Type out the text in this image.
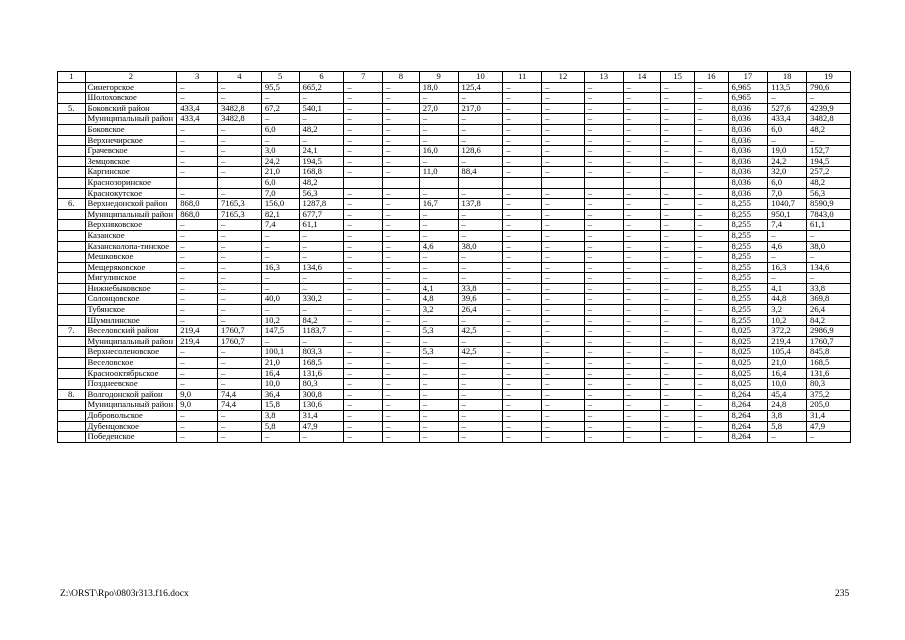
1	2	3	4	5	6	7	8	9	10	11	12	13	14	15	16	17	18	19
	Синегорское	–	–	95,5	665,2	–	–	18,0	125,4	–	–	–	–	–	–	6,965	113,5	790,6
	Шолоховское	–	–	–	–	–	–	–	–	–	–	–	–	–	–	6,965	–	–
5.	Боковский район	433,4	3482,8	67,2	540,1	–	–	27,0	217,0	–	–	–	–	–	–	8,036	527,6	4239,9
	Муниципальный район	433,4	3482,8	–	–	–	–	–	–	–	–	–	–	–	–	8,036	433,4	3482,8
	Боковское	–	–	6,0	48,2	–	–	–	–	–	–	–	–	–	–	8,036	6,0	48,2
	Верхнечирское	–	–	–	–	–	–	–	–	–	–	–	–	–	–	8,036	–	–
	Грачевское	–	–	3,0	24,1	–	–	16,0	128,6	–	–	–	–	–	–	8,036	19,0	152,7
	Земцовское	–	–	24,2	194,5	–	–	–	–	–	–	–	–	–	–	8,036	24,2	194,5
	Каргинское	–	–	21,0	168,8	–	–	11,0	88,4	–	–	–	–	–	–	8,036	32,0	257,2
	Краснозоринское			6,0	48,2											8,036	6,0	48,2
	Краснокутское	–	–	7,0	56,3	–	–	–	–	–	–	–	–	–	–	8,036	7,0	56,3
6.	Верхнедонской район	868,0	7165,3	156,0	1287,8	–	–	16,7	137,8	–	–	–	–	–	–	8,255	1040,7	8590,9
	Муниципальный район	868,0	7165,3	82,1	677,7	–	–	–	–	–	–	–	–	–	–	8,255	950,1	7843,0
	Верхняковское	–	–	7,4	61,1	–	–	–	–	–	–	–	–	–	–	8,255	7,4	61,1
	Казанское	–	–	–	–	–	–	–	–	–	–	–	–	–	–	8,255	–	–
	Казансколопа-тинское	–	–	–	–	–	–	4,6	38,0	–	–	–	–	–	–	8,255	4,6	38,0
	Мешковское	–	–	–	–	–	–	–	–	–	–	–	–	–	–	8,255	–	–
	Мещеряковское	–	–	16,3	134,6	–	–	–	–	–	–	–	–	–	–	8,255	16,3	134,6
	Мигулинское	–	–	–	–	–	–	–	–	–	–	–	–	–	–	8,255	–	–
	Нижнебыковское	–	–	–	–	–	–	4,1	33,8	–	–	–	–	–	–	8,255	4,1	33,8
	Солонцовское	–	–	40,0	330,2	–	–	4,8	39,6	–	–	–	–	–	–	8,255	44,8	369,8
	Тубянское	–	–	–	–	–	–	3,2	26,4	–	–	–	–	–	–	8,255	3,2	26,4
	Шумилинское	–	–	10,2	84,2	–	–	–	–	–	–	–	–	–	–	8,255	10,2	84,2
7.	Веселовский район	219,4	1760,7	147,5	1183,7	–	–	5,3	42,5	–	–	–	–	–	–	8,025	372,2	2986,9
	Муниципальный район	219,4	1760,7	–	–	–	–	–	–	–	–	–	–	–	–	8,025	219,4	1760,7
	Верхнесоленовское	–	–	100,1	803,3	–	–	5,3	42,5	–	–	–	–	–	–	8,025	105,4	845,8
	Веселовское	–	–	21,0	168,5	–	–	–	–	–	–	–	–	–	–	8,025	21,0	168,5
	Краснооктябрьское	–	–	16,4	131,6	–	–	–	–	–	–	–	–	–	–	8,025	16,4	131,6
	Позднеевское	–	–	10,0	80,3	–	–	–	–	–	–	–	–	–	–	8,025	10,0	80,3
8.	Волгодонской район	9,0	74,4	36,4	300,8	–	–	–	–	–	–	–	–	–	–	8,264	45,4	375,2
	Муниципальный район	9,0	74,4	15,8	130,6	–	–	–	–	–	–	–	–	–	–	8,264	24,8	205,0
	Добровольское	–	–	3,8	31,4	–	–	–	–	–	–	–	–	–	–	8,264	3,8	31,4
	Дубенцовское	–	–	5,8	47,9	–	–	–	–	–	–	–	–	–	–	8,264	5,8	47,9
	Победенское	–	–	–	–	–	–	–	–	–	–	–	–	–	–	8,264	–	–
Z:\ORST\Rpo\0803r313.f16.docx	235
